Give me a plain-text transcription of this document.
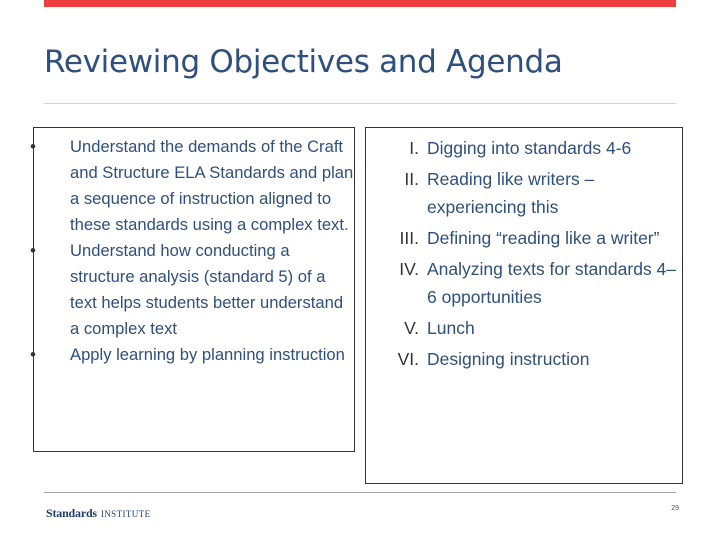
Reviewing Objectives and Agenda
• Understand the demands of the Craft and Structure ELA Standards and plan a sequence of instruction aligned to these standards using a complex text.
• Understand how conducting a structure analysis (standard 5) of a text helps students better understand a complex text
• Apply learning by planning instruction
I. Digging into standards 4-6
II. Reading like writers – experiencing this
III. Defining “reading like a writer”
IV. Analyzing texts for standards 4–6 opportunities
V. Lunch
VI. Designing instruction
Standards INSTITUTE
29
